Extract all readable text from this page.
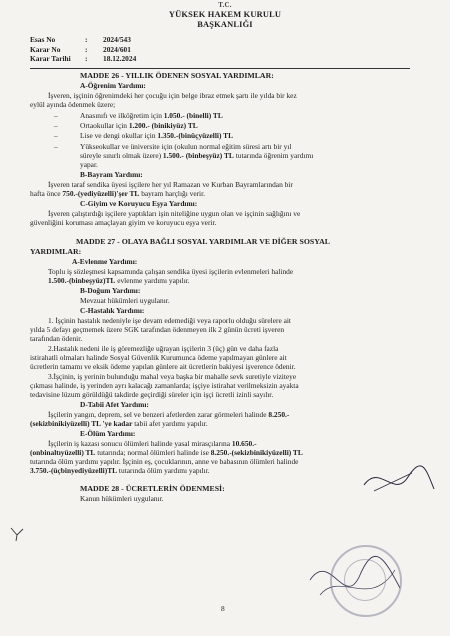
T.C.
YÜKSEK HAKEM KURULU
BAŞKANLIĞI
Esas No	:	2024/543
Karar No	:	2024/601
Karar Tarihi	:	18.12.2024
MADDE 26 - YILLIK ÖDENEN SOSYAL YARDIMLAR:
A-Öğrenim Yardımı:
İşveren, işçinin öğrenimdeki her çocuğu için belge ibraz etmek şartı ile yılda bir kez
eylül ayında ödenmek üzere;
–	Anasınıfı ve ilköğretim için 1.050.- (binelli) TL
–	Ortaokullar için 1.200.- (binikiyüz) TL
–	Lise ve dengi okullar için 1.350.-(binüçyüzelli) TL
–	Yükseokullar ve üniversite için (okulun normal eğitim süresi artı bir yıl
süreyle sınırlı olmak üzere) 1.500.- (binbeşyüz) TL tutarında öğrenim yardımı
yapar.
B-Bayram Yardımı:
İşveren taraf sendika üyesi işçilere her yıl Ramazan ve Kurban Bayramlarından bir
hafta önce 750.-(yediyüzelli)'şer TL bayram harçlığı verir.
C-Giyim ve Koruyucu Eşya Yardımı:
İşveren çalıştırdığı işçilere yaptıkları işin niteliğine uygun olan ve işçinin sağlığını ve
güvenliğini koruması amaçlayan giyim ve koruyucu eşya verir.
MADDE 27 - OLAYA BAĞLI SOSYAL YARDIMLAR VE DİĞER SOSYAL
YARDIMLAR:
A-Evlenme Yardımı:
Toplu iş sözleşmesi kapsamında çalışan sendika üyesi işçilerin evlenmeleri halinde
1.500.-(binbeşyüz)TL evlenme yardımı yapılır.
B-Doğum Yardımı:
Mevzuat hükümleri uygulanır.
C-Hastalık Yardımı:
1. İşçinin hastalık nedeniyle işe devam edemediği veya raporlu olduğu sürelere ait
yılda 5 defayı geçmemek üzere SGK tarafından ödenmeyen ilk 2 günün ücreti işveren
tarafından ödenir.
2.Hastalık nedeni ile iş göremezliğe uğrayan işçilerin 3 (üç) gün ve daha fazla
istirahatli olmaları halinde Sosyal Güvenlik Kurumunca ödeme yapılmayan günlere ait
ücretlerin tamamı ve eksik ödeme yapılan günlere ait ücretlerin bakiyesi işverence ödenir.
3.İşçinin, iş yerinin bulunduğu mahal veya başka bir mahalle sevk suretiyle viziteye
çıkması halinde, iş yerinden ayrı kalacağı zamanlarda; işçiye istirahat verilmeksizin ayakta
tedavisine lüzum görüldüğü takdirde geçirdiği süreler için işçi ücretli izinli sayılır.
D-Tabii Afet Yardımı:
İşçilerin yangın, deprem, sel ve benzeri afetlerden zarar görmeleri halinde 8.250.-
(sekizbinikiyüzelli) TL 'ye kadar tabii afet yardımı yapılır.
E-Ölüm Yardımı:
İşçilerin iş kazası sonucu ölümleri halinde yasal mirasçılarına 10.650.-
(onbinaltıyüzelli) TL tutarında; normal ölümleri halinde ise 8.250.-(sekizbinikiyüzelli) TL
tutarında ölüm yardımı yapılır. İşçinin eş, çocuklarının, anne ve babasının ölümleri halinde
3.750.-(üçbinyediyüzelli)TL tutarında ölüm yardımı yapılır.
MADDE 28 - ÜCRETLERİN ÖDENMESİ:
Kanun hükümleri uygulanır.
8
